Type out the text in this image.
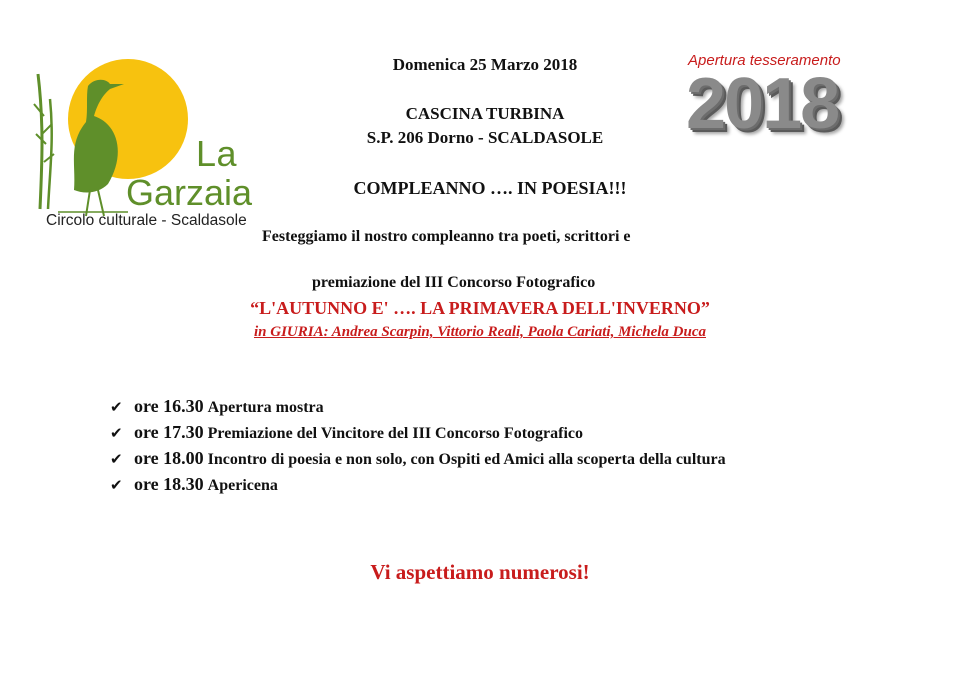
La
Garzaia
Circolo culturale - Scaldasole
Domenica 25 Marzo 2018
CASCINA TURBINA
S.P. 206 Dorno - SCALDASOLE
COMPLEANNO …. IN POESIA!!!
Apertura tesseramento
2018
Festeggiamo il nostro compleanno tra poeti, scrittori e
premiazione del III Concorso Fotografico
“L'AUTUNNO E' …. LA PRIMAVERA DELL'INVERNO”
in GIURIA: Andrea Scarpin, Vittorio Reali, Paola Cariati, Michela Duca
✔ ore 16.30 Apertura mostra
✔ ore 17.30 Premiazione del Vincitore del III Concorso Fotografico
✔ ore 18.00 Incontro di poesia e non solo, con Ospiti ed Amici alla scoperta della cultura
✔ ore 18.30 Apericena
Vi aspettiamo numerosi!
